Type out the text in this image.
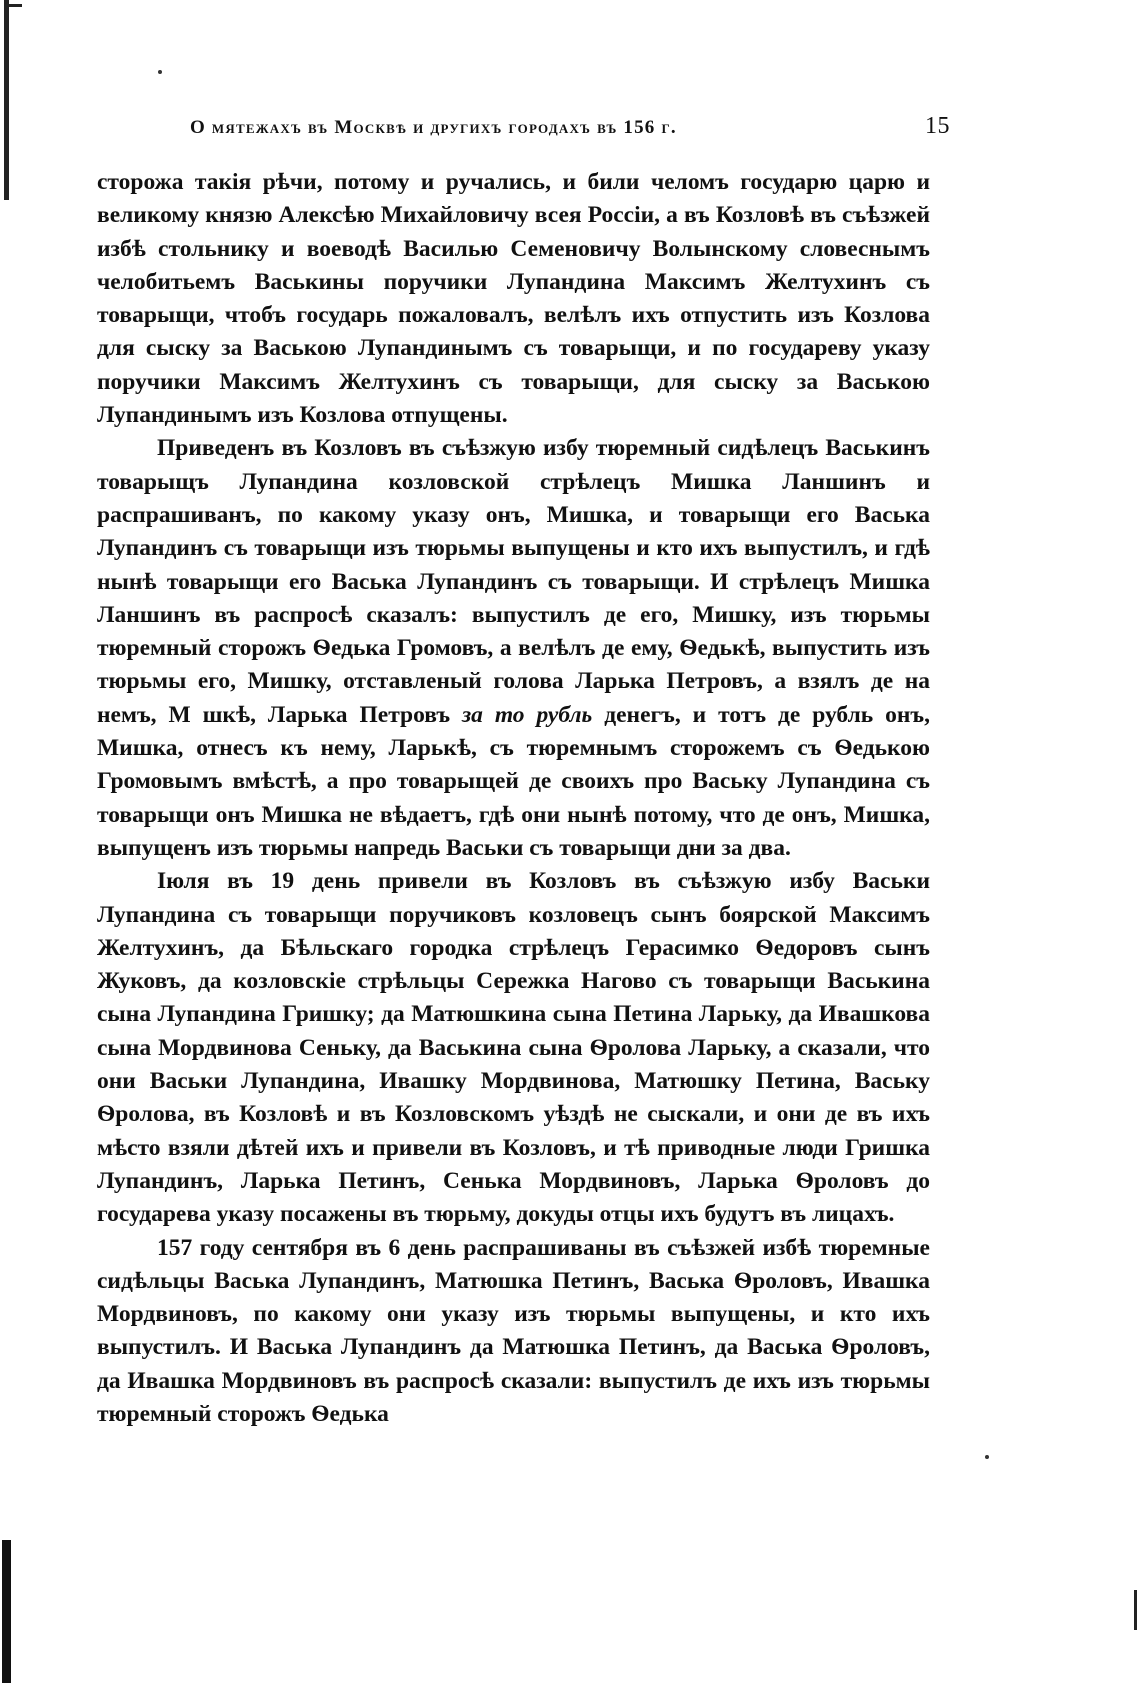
О мятежахъ въ Москвѣ и другихъ городахъ въ 156 г.	15

сторожа такія рѣчи, потому и ручались, и били челомъ государю царю и великому князю Алексѣю Михайловичу всея Россіи, а въ Козловѣ въ съѣзжей избѣ стольнику и воеводѣ Василью Семеновичу Волынскому словеснымъ челобитьемъ Васькины поручики Лупандина Максимъ Желтухинъ съ товарыщи, чтобъ государь пожаловалъ, велѣлъ ихъ отпустить изъ Козлова для сыску за Ваською Лупандинымъ съ товарыщи, и по государеву указу поручики Максимъ Желтухинъ съ товарыщи, для сыску за Ваською Лупандинымъ изъ Козлова отпущены.

Приведенъ въ Козловъ въ съѣзжую избу тюремный сидѣлецъ Васькинъ товарыщъ Лупандина козловской стрѣлецъ Мишка Ланшинъ и распрашиванъ, по какому указу онъ, Мишка, и товарыщи его Васька Лупандинъ съ товарыщи изъ тюрьмы выпущены и кто ихъ выпустилъ, и гдѣ нынѣ товарыщи его Васька Лупандинъ съ товарыщи. И стрѣлецъ Мишка Ланшинъ въ распросѣ сказалъ: выпустилъ де его, Мишку, изъ тюрьмы тюремный сторожъ Ѳедька Громовъ, а велѣлъ де ему, Ѳедькѣ, выпустить изъ тюрьмы его, Мишку, отставленый голова Ларька Петровъ, а взялъ де на немъ, М шкѣ, Ларька Петровъ за то рубль денегъ, и тотъ де рубль онъ, Мишка, отнесъ къ нему, Ларькѣ, съ тюремнымъ сторожемъ съ Ѳедькою Громовымъ вмѣстѣ, а про товарыщей де своихъ про Ваську Лупандина съ товарыщи онъ Мишка не вѣдаетъ, гдѣ они нынѣ потому, что де онъ, Мишка, выпущенъ изъ тюрьмы напредь Васьки съ товарыщи дни за два.

Іюля въ 19 день привели въ Козловъ въ съѣзжую избу Васьки Лупандина съ товарыщи поручиковъ козловецъ сынъ боярской Максимъ Желтухинъ, да Бѣльскаго городка стрѣлецъ Герасимко Ѳедоровъ сынъ Жуковъ, да козловскіе стрѣльцы Сережка Нагово съ товарыщи Васькина сына Лупандина Гришку; да Матюшкина сына Петина Ларьку, да Ивашкова сына Мордвинова Сеньку, да Васькина сына Ѳролова Ларьку, а сказали, что они Васьки Лупандина, Ивашку Мордвинова, Матюшку Петина, Ваську Ѳролова, въ Козловѣ и въ Козловскомъ уѣздѣ не сыскали, и они де въ ихъ мѣсто взяли дѣтей ихъ и привели въ Козловъ, и тѣ приводные люди Гришка Лупандинъ, Ларька Петинъ, Сенька Мордвиновъ, Ларька Ѳроловъ до государева указу посажены въ тюрьму, докуды отцы ихъ будутъ въ лицахъ.

157 году сентября въ 6 день распрашиваны въ съѣзжей избѣ тюремные сидѣльцы Васька Лупандинъ, Матюшка Петинъ, Васька Ѳроловъ, Ивашка Мордвиновъ, по какому они указу изъ тюрьмы выпущены, и кто ихъ выпустилъ. И Васька Лупандинъ да Матюшка Петинъ, да Васька Ѳроловъ, да Ивашка Мордвиновъ въ распросѣ сказали: выпустилъ де ихъ изъ тюрьмы тюремный сторожъ Ѳедька
